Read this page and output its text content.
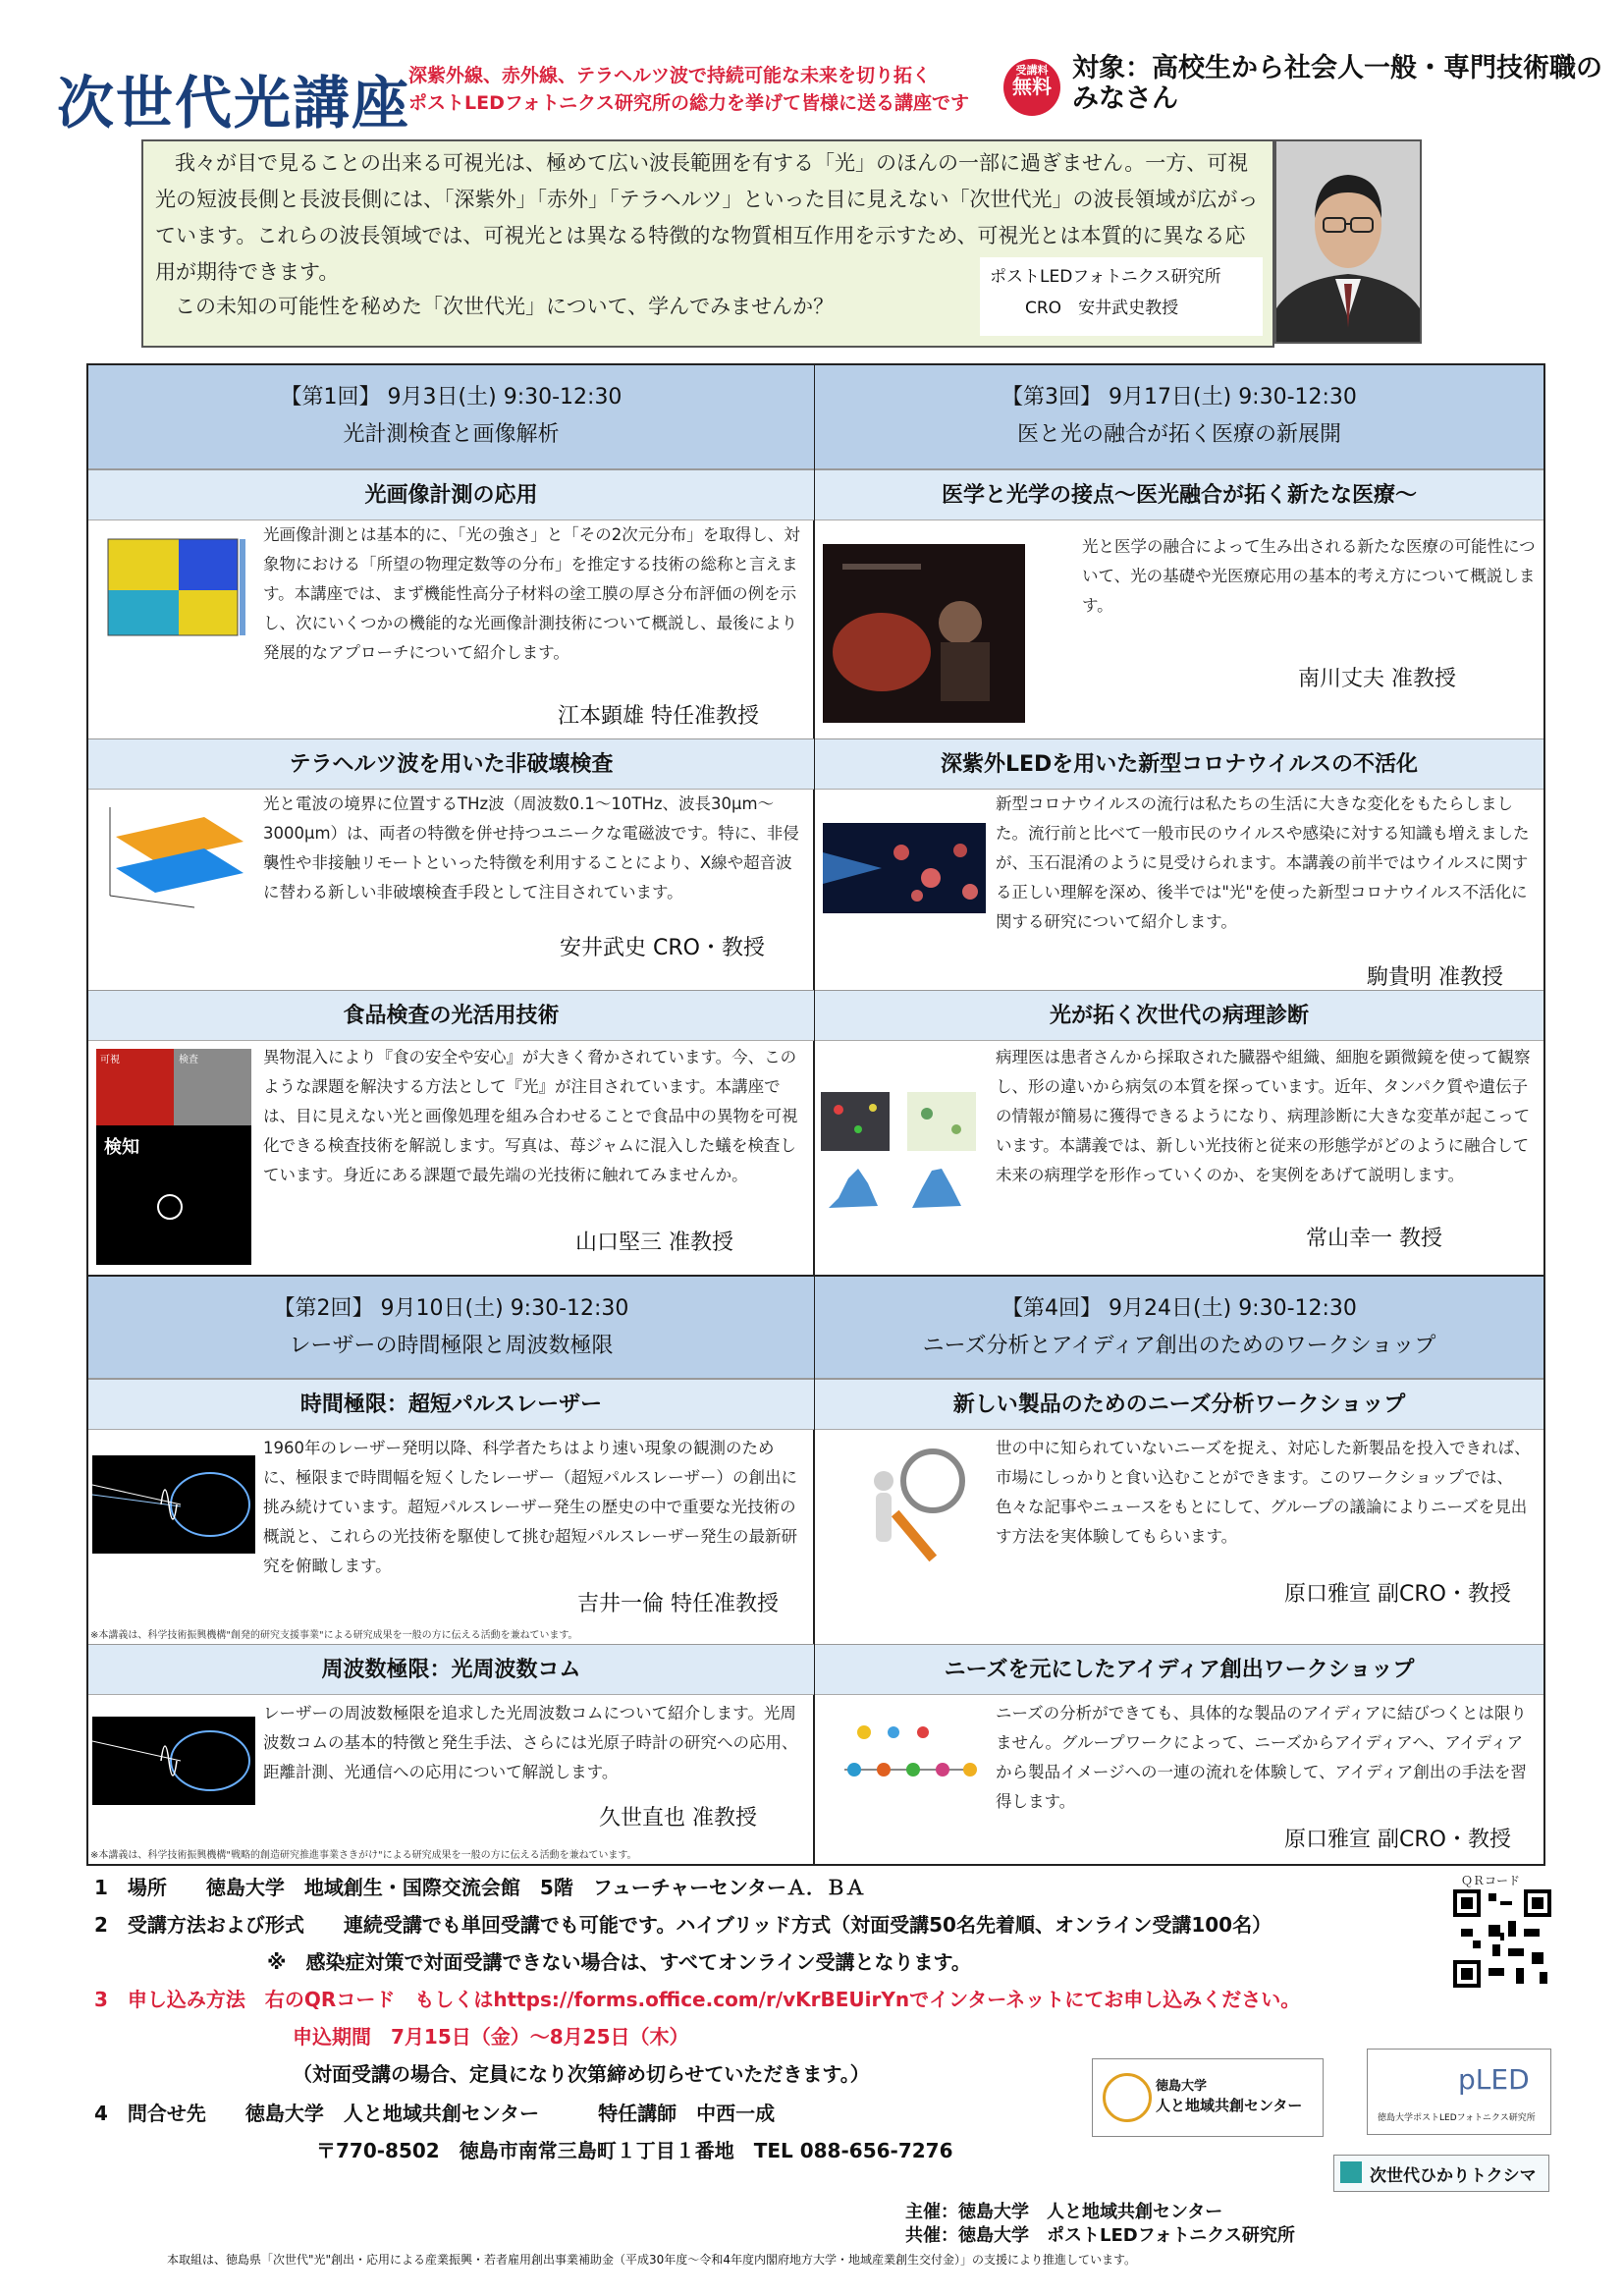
次世代光講座
深紫外線、赤外線、テラヘルツ波で持続可能な未来を切り拓く
ポストLEDフォトニクス研究所の総力を挙げて皆様に送る講座です
受講料
無料
対象：高校生から社会人一般・専門技術職のみなさん
我々が目で見ることの出来る可視光は、極めて広い波長範囲を有する「光」のほんの一部に過ぎません。一方、可視光の短波長側と長波長側には、「深紫外」「赤外」「テラヘルツ」といった目に見えない「次世代光」の波長領域が広がっています。これらの波長領域では、可視光とは異なる特徴的な物質相互作用を示すため、可視光とは本質的に異なる応用が期待できます。
この未知の可能性を秘めた「次世代光」について、学んでみませんか？
ポストLEDフォトニクス研究所
CRO　安井武史教授
【第1回】 9月3日(土) 9:30-12:30
光計測検査と画像解析
光画像計測の応用
光画像計測とは基本的に、「光の強さ」と「その2次元分布」を取得し、対象物における「所望の物理定数等の分布」を推定する技術の総称と言えます。本講座では、まず機能性高分子材料の塗工膜の厚さ分布評価の例を示し、次にいくつかの機能的な光画像計測技術について概説し、最後により発展的なアプローチについて紹介します。
江本顕雄 特任准教授
テラヘルツ波を用いた非破壊検査
光と電波の境界に位置するTHz波（周波数0.1〜10THz、波長30μm〜3000μm）は、両者の特徴を併せ持つユニークな電磁波です。特に、非侵襲性や非接触リモートといった特徴を利用することにより、X線や超音波に替わる新しい非破壊検査手段として注目されています。
安井武史 CRO・教授
食品検査の光活用技術
可視	検査
検知
異物混入により『食の安全や安心』が大きく脅かされています。今、このような課題を解決する方法として『光』が注目されています。本講座では、目に見えない光と画像処理を組み合わせることで食品中の異物を可視化できる検査技術を解説します。写真は、苺ジャムに混入した蟻を検査しています。身近にある課題で最先端の光技術に触れてみませんか。
山口堅三 准教授
【第2回】 9月10日(土) 9:30-12:30
レーザーの時間極限と周波数極限
時間極限：超短パルスレーザー
1960年のレーザー発明以降、科学者たちはより速い現象の観測のために、極限まで時間幅を短くしたレーザー（超短パルスレーザー）の創出に挑み続けています。超短パルスレーザー発生の歴史の中で重要な光技術の概説と、これらの光技術を駆使して挑む超短パルスレーザー発生の最新研究を俯瞰します。
吉井一倫 特任准教授
※本講義は、科学技術振興機構"創発的研究支援事業"による研究成果を一般の方に伝える活動を兼ねています。
周波数極限：光周波数コム
レーザーの周波数極限を追求した光周波数コムについて紹介します。光周波数コムの基本的特徴と発生手法、さらには光原子時計の研究への応用、距離計測、光通信への応用について解説します。
久世直也 准教授
※本講義は、科学技術振興機構"戦略的創造研究推進事業さきがけ"による研究成果を一般の方に伝える活動を兼ねています。
【第3回】 9月17日(土) 9:30-12:30
医と光の融合が拓く医療の新展開
医学と光学の接点〜医光融合が拓く新たな医療〜
光と医学の融合によって生み出される新たな医療の可能性について、光の基礎や光医療応用の基本的考え方について概説します。
南川丈夫 准教授
深紫外LEDを用いた新型コロナウイルスの不活化
新型コロナウイルスの流行は私たちの生活に大きな変化をもたらしました。流行前と比べて一般市民のウイルスや感染に対する知識も増えましたが、玉石混淆のように見受けられます。本講義の前半ではウイルスに関する正しい理解を深め、後半では"光"を使った新型コロナウイルス不活化に関する研究について紹介します。
駒貴明 准教授
光が拓く次世代の病理診断
病理医は患者さんから採取された臓器や組織、細胞を顕微鏡を使って観察し、形の違いから病気の本質を探っています。近年、タンパク質や遺伝子の情報が簡易に獲得できるようになり、病理診断に大きな変革が起こっています。本講義では、新しい光技術と従来の形態学がどのように融合して未来の病理学を形作っていくのか、を実例をあげて説明します。
常山幸一 教授
【第4回】 9月24日(土) 9:30-12:30
ニーズ分析とアイディア創出のためのワークショップ
新しい製品のためのニーズ分析ワークショップ
世の中に知られていないニーズを捉え、対応した新製品を投入できれば、市場にしっかりと食い込むことができます。このワークショップでは、色々な記事やニュースをもとにして、グループの議論によりニーズを見出す方法を実体験してもらいます。
原口雅宣 副CRO・教授
ニーズを元にしたアイディア創出ワークショップ
ニーズの分析ができても、具体的な製品のアイディアに結びつくとは限りません。グループワークによって、ニーズからアイディアへ、アイディアから製品イメージへの一連の流れを体験して、アイディア創出の手法を習得します。
原口雅宣 副CRO・教授
1　場所　　徳島大学　地域創生・国際交流会館　5階　フューチャーセンターＡ．ＢＡ
2　受講方法および形式　　連続受講でも単回受講でも可能です。ハイブリッド方式（対面受講50名先着順、オンライン受講100名）
※　感染症対策で対面受講できない場合は、すべてオンライン受講となります。
3　申し込み方法　右のQRコード　もしくはhttps://forms.office.com/r/vKrBEUirYnでインターネットにてお申し込みください。
申込期間　7月15日（金）〜8月25日（木）
（対面受講の場合、定員になり次第締め切らせていただきます。）
4　問合せ先　　徳島大学　人と地域共創センター　　　特任講師　中西一成
〒770-8502　徳島市南常三島町１丁目１番地　TEL 088-656-7276
ＱＲコード
徳島大学
人と地域共創センター
pLED
徳島大学ポストLEDフォトニクス研究所
次世代ひかりトクシマ
主催：徳島大学　人と地域共創センター
共催：徳島大学　ポストLEDフォトニクス研究所
本取組は、徳島県「次世代"光"創出・応用による産業振興・若者雇用創出事業補助金（平成30年度〜令和4年度内閣府地方大学・地域産業創生交付金）」の支援により推進しています。
